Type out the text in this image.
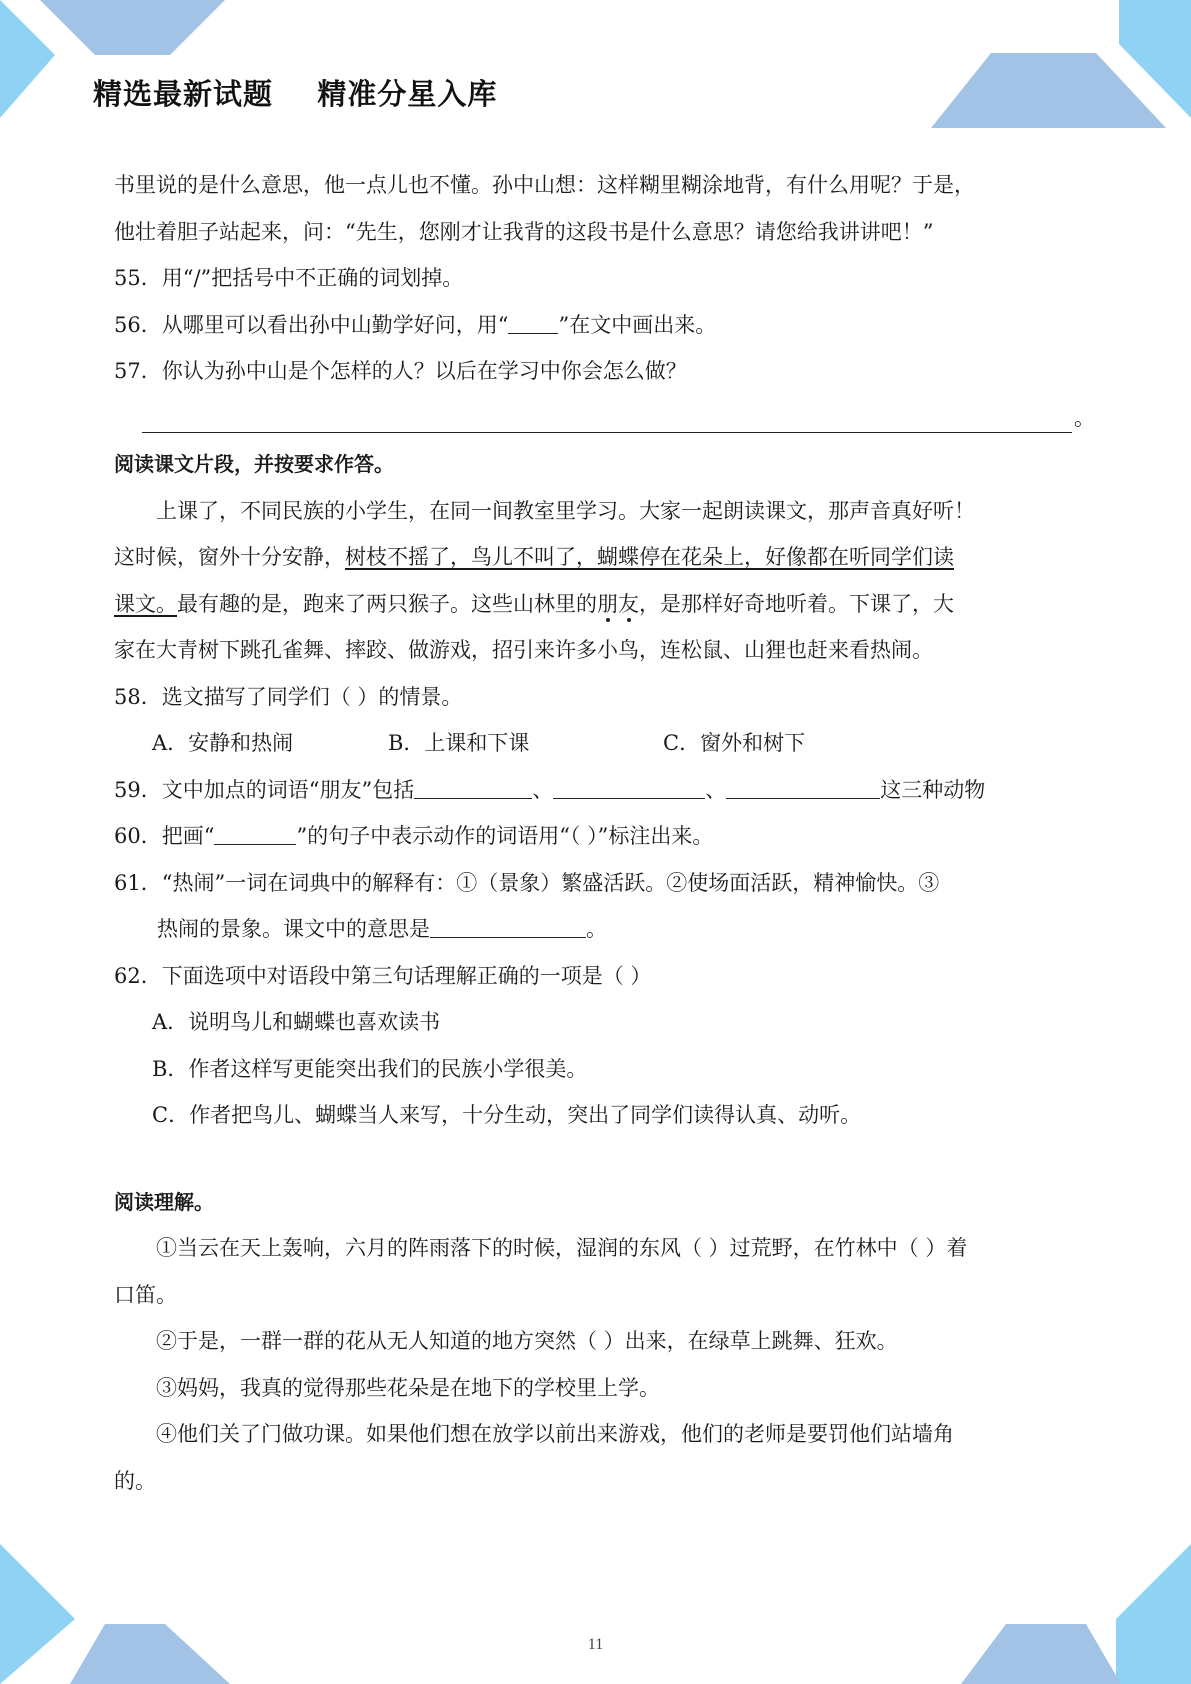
精选最新试题    精准分星入库
书里说的是什么意思，他一点儿也不懂。孙中山想：这样糊里糊涂地背，有什么用呢？于是，
他壮着胆子站起来，问：“先生，您刚才让我背的这段书是什么意思？请您给我讲讲吧！”
55．用“/”把括号中不正确的词划掉。
56．从哪里可以看出孙中山勤学好问，用“ ”在文中画出来。
57．你认为孙中山是个怎样的人？以后在学习中你会怎么做？
。
阅读课文片段，并按要求作答。
上课了，不同民族的小学生，在同一间教室里学习。大家一起朗读课文，那声音真好听！
这时候，窗外十分安静，树枝不摇了，鸟儿不叫了，蝴蝶停在花朵上，好像都在听同学们读
课文。最有趣的是，跑来了两只猴子。这些山林里的朋友，是那样好奇地听着。下课了，大
家在大青树下跳孔雀舞、摔跤、做游戏，招引来许多小鸟，连松鼠、山狸也赶来看热闹。
58．选文描写了同学们（ ）的情景。
A．安静和热闹	B．上课和下课	C．窗外和树下
59．文中加点的词语“朋友”包括	、	、	这三种动物
60．把画“	”的句子中表示动作的词语用“（ ）”标注出来。
61．“热闹”一词在词典中的解释有：①（景象）繁盛活跃。②使场面活跃，精神愉快。③
热闹的景象。课文中的意思是	。
62．下面选项中对语段中第三句话理解正确的一项是（ ）
A．说明鸟儿和蝴蝶也喜欢读书
B．作者这样写更能突出我们的民族小学很美。
C．作者把鸟儿、蝴蝶当人来写，十分生动，突出了同学们读得认真、动听。
阅读理解。
①当云在天上轰响，六月的阵雨落下的时候，湿润的东风（ ）过荒野，在竹林中（ ）着
口笛。
②于是，一群一群的花从无人知道的地方突然（ ）出来，在绿草上跳舞、狂欢。
③妈妈，我真的觉得那些花朵是在地下的学校里上学。
④他们关了门做功课。如果他们想在放学以前出来游戏，他们的老师是要罚他们站墙角
的。
11
